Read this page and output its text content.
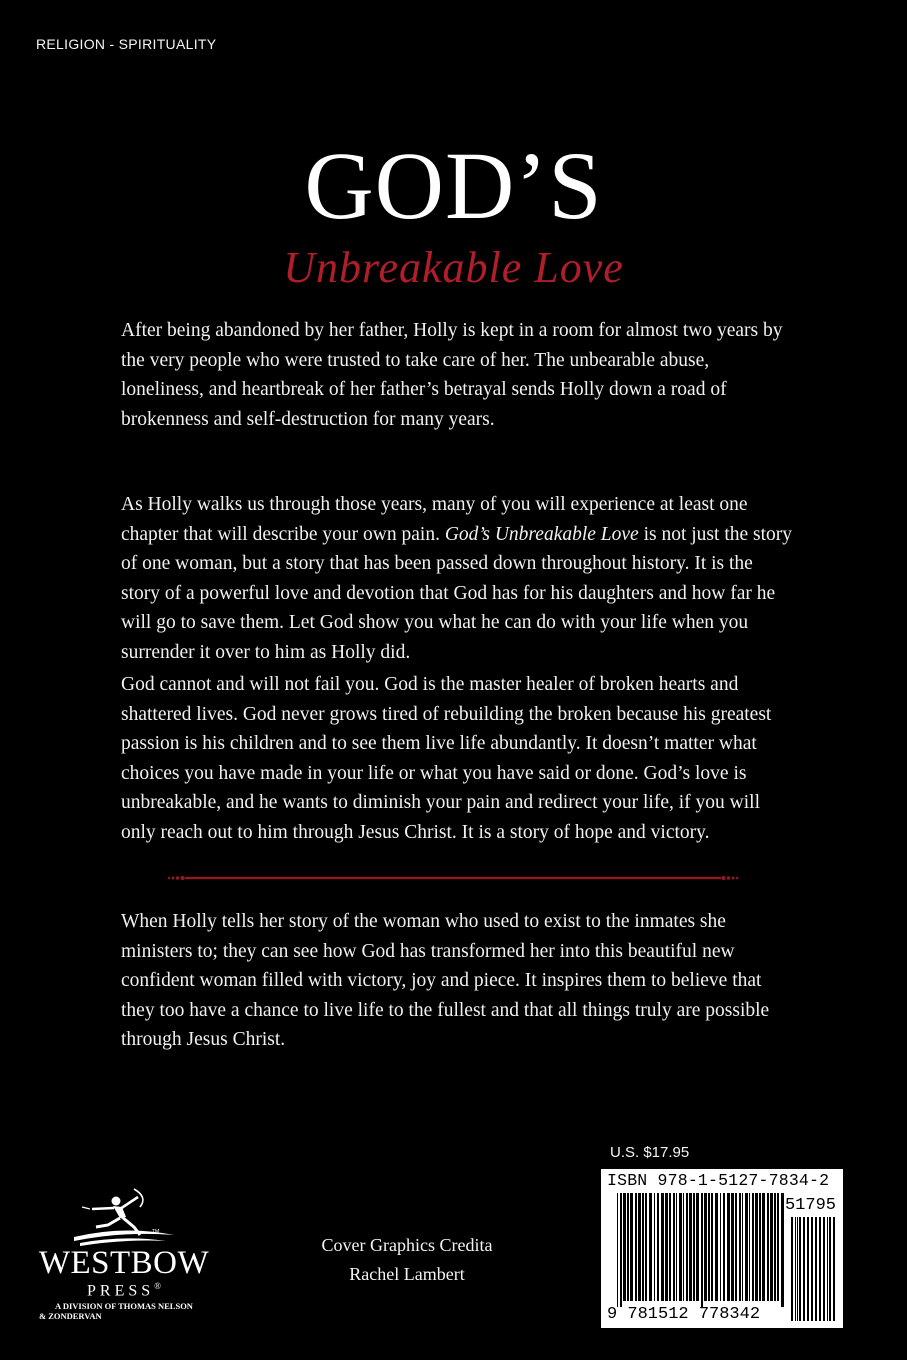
RELIGION - SPIRITUALITY
GOD’S
Unbreakable Love

After being abandoned by her father, Holly is kept in a room for almost two years by the very people who were trusted to take care of her. The unbearable abuse, loneliness, and heartbreak of her father’s betrayal sends Holly down a road of brokenness and self-destruction for many years.

As Holly walks us through those years, many of you will experience at least one chapter that will describe your own pain. God’s Unbreakable Love is not just the story of one woman, but a story that has been passed down throughout history. It is the story of a powerful love and devotion that God has for his daughters and how far he will go to save them. Let God show you what he can do with your life when you surrender it over to him as Holly did.

God cannot and will not fail you. God is the master healer of broken hearts and shattered lives. God never grows tired of rebuilding the broken because his greatest passion is his children and to see them live life abundantly. It doesn’t matter what choices you have made in your life or what you have said or done. God’s love is unbreakable, and he wants to diminish your pain and redirect your life, if you will only reach out to him through Jesus Christ. It is a story of hope and victory.

When Holly tells her story of the woman who used to exist to the inmates she ministers to; they can see how God has transformed her into this beautiful new confident woman filled with victory, joy and piece. It inspires them to believe that they too have a chance to live life to the fullest and that all things truly are possible through Jesus Christ.

U.S. $17.95
ISBN 978-1-5127-7834-2
51795
9 781512 778342
TM
WESTBOW
PRESS®
A DIVISION OF THOMAS NELSON
& ZONDERVAN
Cover Graphics Credita
Rachel Lambert
